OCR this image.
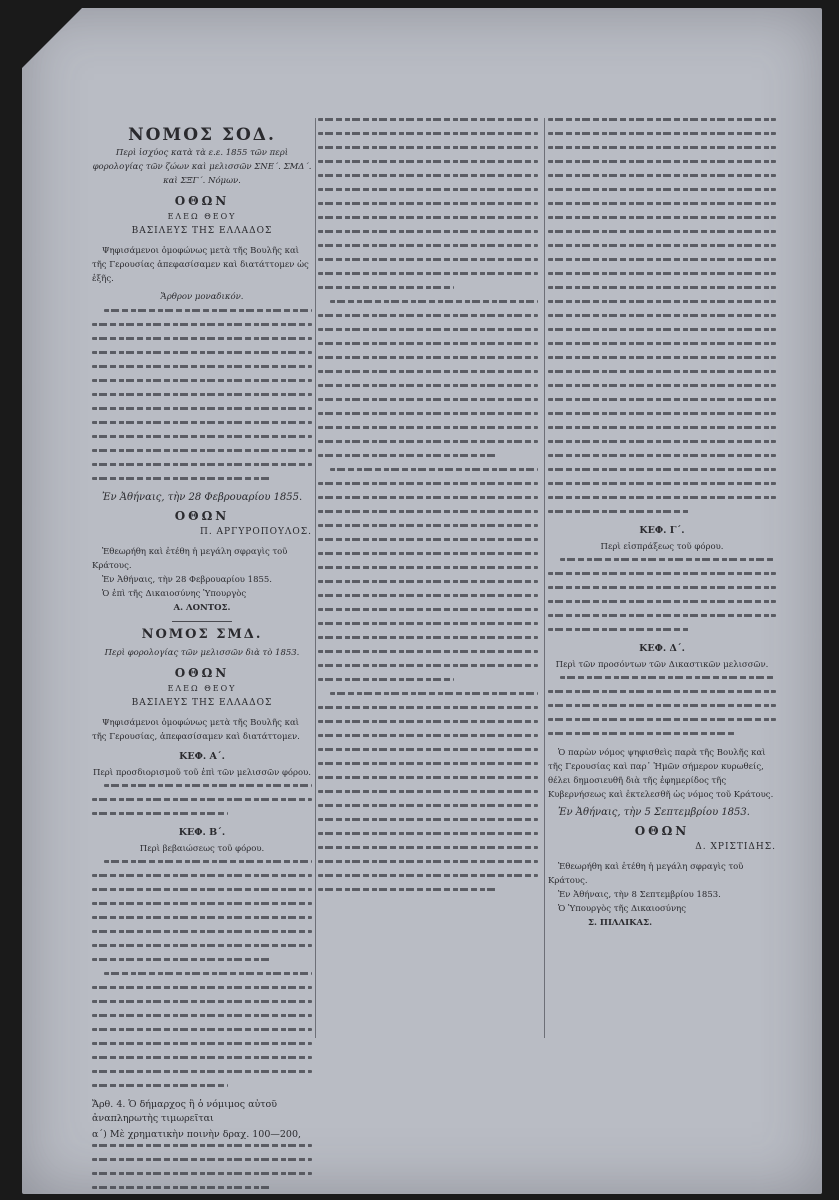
ΝΟΜΟΣ ΣΟΔ.
Περὶ ἰσχύος κατὰ τὰ ε.ε. 1855 τῶν περὶ φορολογίας τῶν ζώων καὶ μελισσῶν ΣΝΕ´. ΣΜΔ´. καὶ ΣΞΓ´. Νόμων.
ΟΘΩΝ
ΕΛΕΩ ΘΕΟΥ
ΒΑΣΙΛΕΥΣ ΤΗΣ ΕΛΛΑΔΟΣ
Ψηφισάμενοι ὁμοφώνως μετὰ τῆς Βουλῆς καὶ τῆς Γερουσίας ἀπεφασίσαμεν καὶ διατάττομεν ὡς ἑξῆς.
Ἄρθρον μοναδικόν.
Ἐν Ἀθήναις, τὴν 28 Φεβρουαρίου 1855.
ΟΘΩΝ
Π. ΑΡΓΥΡΟΠΟΥΛΟΣ.
Ἐθεωρήθη καὶ ἐτέθη ἡ μεγάλη σφραγὶς τοῦ Κράτους.
Ἐν Ἀθήναις, τὴν 28 Φεβρουαρίου 1855.
Ὁ ἐπὶ τῆς Δικαιοσύνης Ὑπουργὸς
Α. ΛΟΝΤΟΣ.
ΝΟΜΟΣ ΣΜΔ.
Περὶ φορολογίας τῶν μελισσῶν διὰ τὸ 1853.
ΟΘΩΝ
ΕΛΕΩ ΘΕΟΥ
ΒΑΣΙΛΕΥΣ ΤΗΣ ΕΛΛΑΔΟΣ
Ψηφισάμενοι ὁμοφώνως μετὰ τῆς Βουλῆς καὶ τῆς Γερουσίας, ἀπεφασίσαμεν καὶ διατάττομεν.
ΚΕΦ. Α´.
Περὶ προσδιορισμοῦ τοῦ ἐπὶ τῶν μελισσῶν φόρου.
ΚΕΦ. Β´.
Περὶ βεβαιώσεως τοῦ φόρου.
Ἄρθ. 4. Ὁ δήμαρχος ἢ ὁ νόμιμος αὐτοῦ ἀναπληρωτὴς τιμωρεῖται
α´) Μὲ χρηματικὴν ποινὴν δραχ. 100—200,
ΚΕΦ. Γ´.
Περὶ εἰσπράξεως τοῦ φόρου.
ΚΕΦ. Δ´.
Περὶ τῶν προσόντων τῶν Δικαστικῶν μελισσῶν.
Ὁ παρὼν νόμος ψηφισθεὶς παρὰ τῆς Βουλῆς καὶ τῆς Γερουσίας καὶ παρ᾽ Ἡμῶν σήμερον κυρωθείς, θέλει δημοσιευθῆ διὰ τῆς ἐφημερίδος τῆς Κυβερνήσεως καὶ ἐκτελεσθῆ ὡς νόμος τοῦ Κράτους.
Ἐν Ἀθήναις, τὴν 5 Σεπτεμβρίου 1853.
ΟΘΩΝ
Δ. ΧΡΙΣΤΙΔΗΣ.
Ἐθεωρήθη καὶ ἐτέθη ἡ μεγάλη σφραγὶς τοῦ Κράτους.
Ἐν Ἀθήναις, τὴν 8 Σεπτεμβρίου 1853.
Ὁ Ὑπουργὸς τῆς Δικαιοσύνης
Σ. ΠΙΛΛΙΚΑΣ.
